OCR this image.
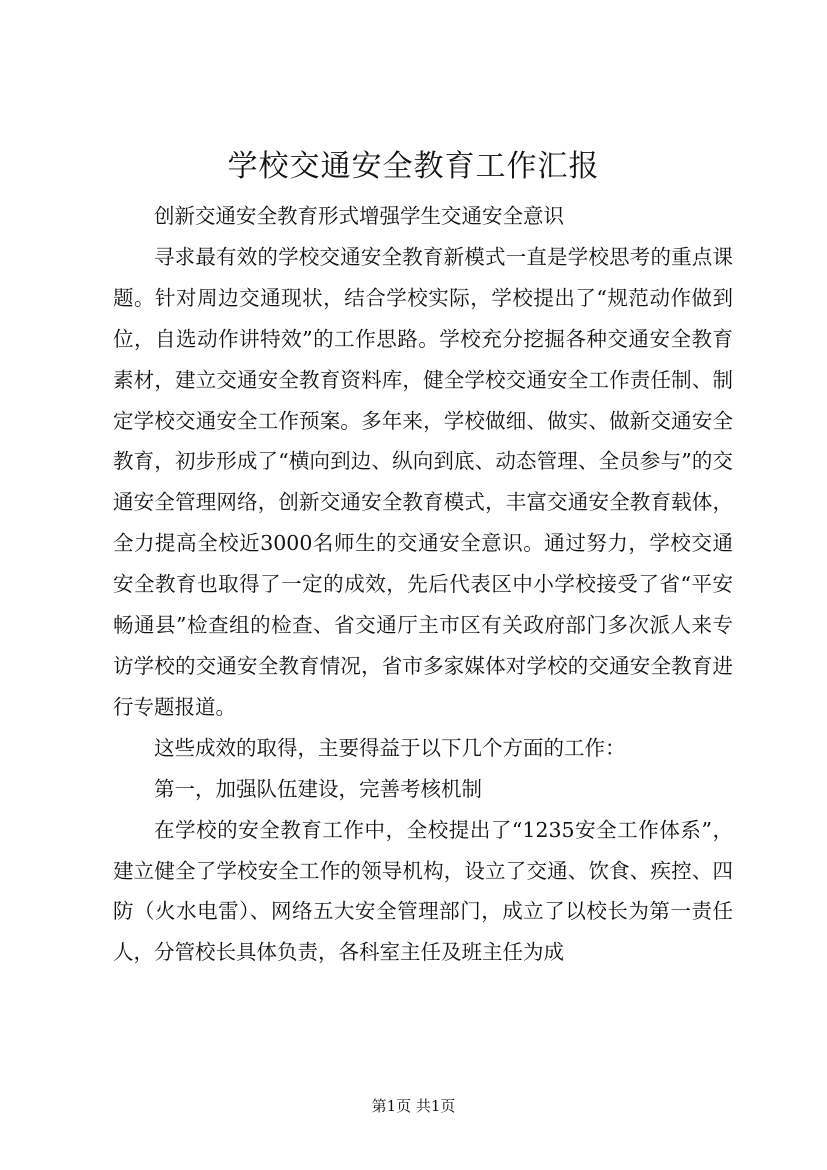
学校交通安全教育工作汇报

创新交通安全教育形式增强学生交通安全意识

寻求最有效的学校交通安全教育新模式一直是学校思考的重点课题。针对周边交通现状，结合学校实际，学校提出了“规范动作做到位，自选动作讲特效”的工作思路。学校充分挖掘各种交通安全教育素材，建立交通安全教育资料库，健全学校交通安全工作责任制、制定学校交通安全工作预案。多年来，学校做细、做实、做新交通安全教育，初步形成了“横向到边、纵向到底、动态管理、全员参与”的交通安全管理网络，创新交通安全教育模式，丰富交通安全教育载体，全力提高全校近3000名师生的交通安全意识。通过努力，学校交通安全教育也取得了一定的成效，先后代表区中小学校接受了省“平安畅通县”检查组的检查、省交通厅主市区有关政府部门多次派人来专访学校的交通安全教育情况，省市多家媒体对学校的交通安全教育进行专题报道。

这些成效的取得，主要得益于以下几个方面的工作：

第一，加强队伍建设，完善考核机制

在学校的安全教育工作中，全校提出了“1235安全工作体系”，建立健全了学校安全工作的领导机构，设立了交通、饮食、疾控、四防（火水电雷）、网络五大安全管理部门，成立了以校长为第一责任人，分管校长具体负责，各科室主任及班主任为成

第1页 共1页
